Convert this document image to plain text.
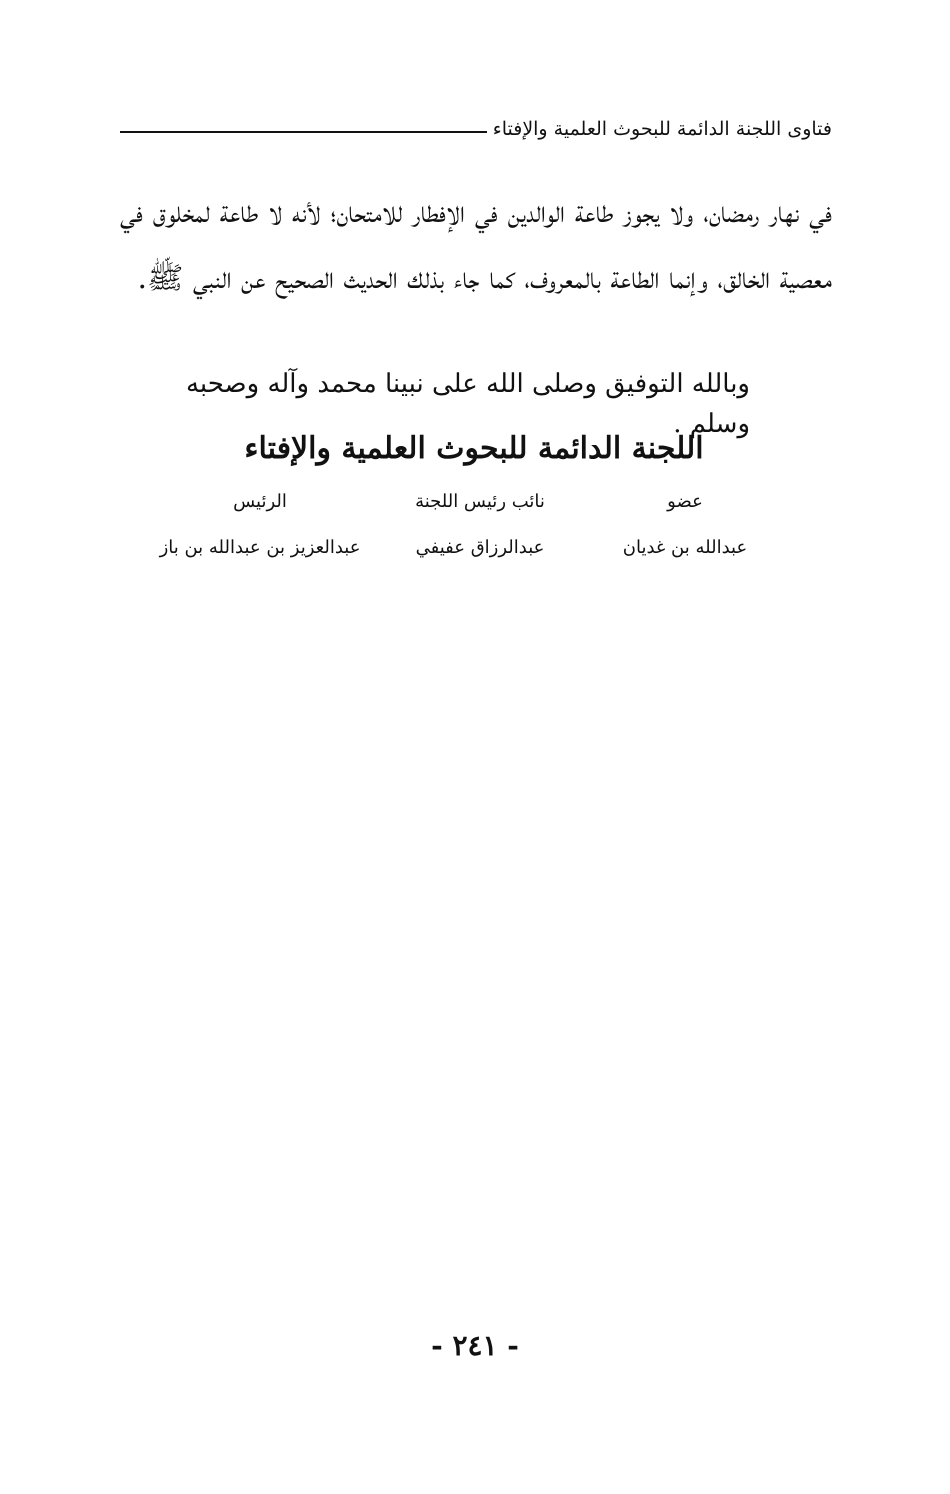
فتاوى اللجنة الدائمة للبحوث العلمية والإفتاء

في نهار رمضان، ولا يجوز طاعة الوالدين في الإفطار للامتحان؛ لأنه لا طاعة لمخلوق في معصية الخالق، وإنما الطاعة بالمعروف، كما جاء بذلك الحديث الصحيح عن النبي ﷺ.

وبالله التوفيق وصلى الله على نبينا محمد وآله وصحبه وسلم .
اللجنة الدائمة للبحوث العلمية والإفتاء
عضو
عبدالله بن غديان
نائب رئيس اللجنة
عبدالرزاق عفيفي
الرئيس
عبدالعزيز بن عبدالله بن باز
- ٢٤١ -
